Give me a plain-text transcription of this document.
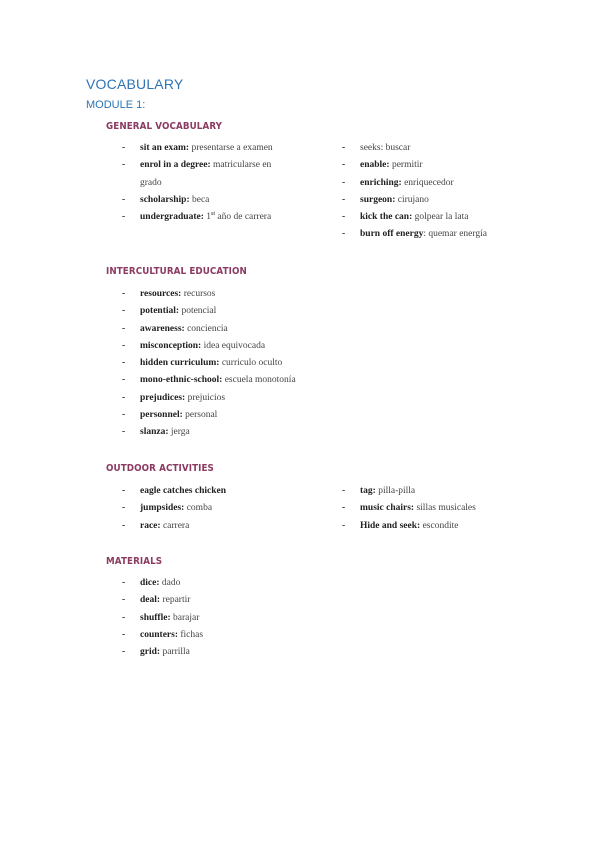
VOCABULARY
MODULE 1:
GENERAL VOCABULARY
-	sit an exam: presentarse a examen
-	enrol in a degree: matricularse en
grado
-	scholarship: beca
-	undergraduate: 1st año de carrera
-	seeks: buscar
-	enable: permitir
-	enriching: enriquecedor
-	surgeon: cirujano
-	kick the can: golpear la lata
-	burn off energy: quemar energía
INTERCULTURAL EDUCATION
-	resources: recursos
-	potential: potencial
-	awareness: conciencia
-	misconception: idea equivocada
-	hidden curriculum: curriculo oculto
-	mono-ethnic-school: escuela monotonía
-	prejudices: prejuicios
-	personnel: personal
-	slanza: jerga
OUTDOOR ACTIVITIES
-	eagle catches chicken
-	jumpsides: comba
-	race: carrera
-	tag: pilla-pilla
-	music chairs: sillas musicales
-	Hide and seek: escondite
MATERIALS
-	dice: dado
-	deal: repartir
-	shuffle: barajar
-	counters: fichas
-	grid: parrilla
